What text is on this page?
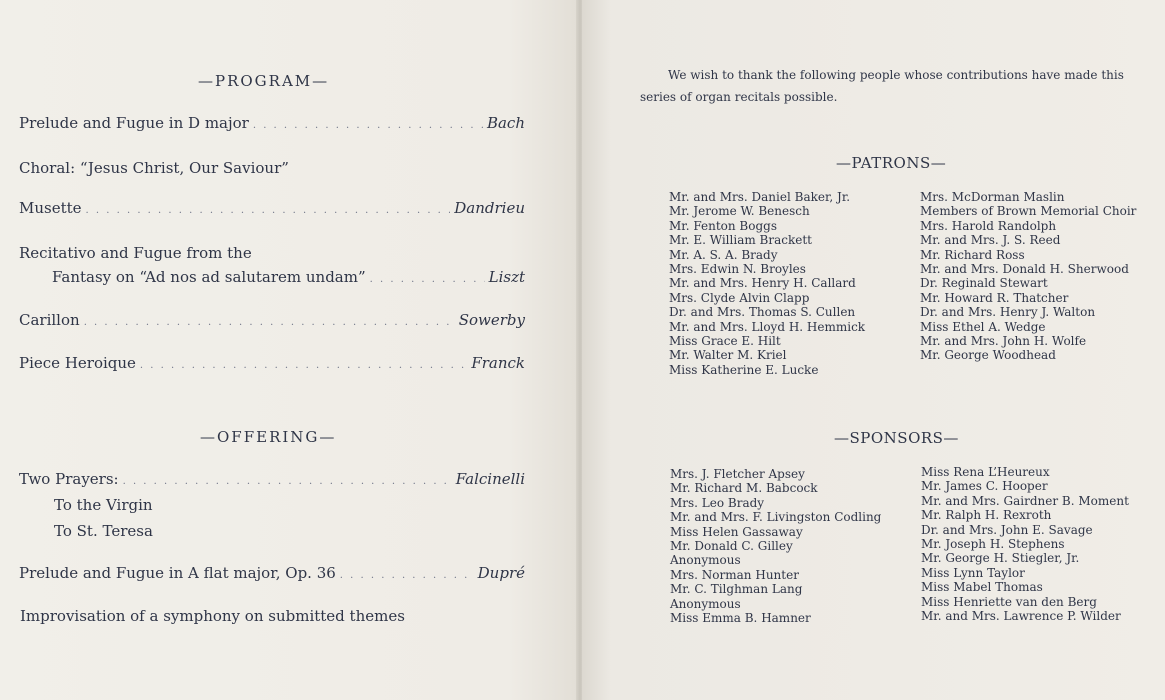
—PROGRAM—
Prelude and Fugue in D major . . .	Bach
Choral: “Jesus Christ, Our Saviour”
Musette . . .	Dandrieu
Recitativo and Fugue from the
Fantasy on “Ad nos ad salutarem undam” . . .	Liszt
Carillon . . .	Sowerby
Piece Heroique . . .	Franck
—OFFERING—
Two Prayers: . . .	Falcinelli
To the Virgin
To St. Teresa
Prelude and Fugue in A flat major, Op. 36 . . .	Dupré
Improvisation of a symphony on submitted themes
We wish to thank the following people whose contributions have made this series of organ recitals possible.
—PATRONS—
Mr. and Mrs. Daniel Baker, Jr.
Mr. Jerome W. Benesch
Mr. Fenton Boggs
Mr. E. William Brackett
Mr. A. S. A. Brady
Mrs. Edwin N. Broyles
Mr. and Mrs. Henry H. Callard
Mrs. Clyde Alvin Clapp
Dr. and Mrs. Thomas S. Cullen
Mr. and Mrs. Lloyd H. Hemmick
Miss Grace E. Hilt
Mr. Walter M. Kriel
Miss Katherine E. Lucke
Mrs. McDorman Maslin
Members of Brown Memorial Choir
Mrs. Harold Randolph
Mr. and Mrs. J. S. Reed
Mr. Richard Ross
Mr. and Mrs. Donald H. Sherwood
Dr. Reginald Stewart
Mr. Howard R. Thatcher
Dr. and Mrs. Henry J. Walton
Miss Ethel A. Wedge
Mr. and Mrs. John H. Wolfe
Mr. George Woodhead
—SPONSORS—
Mrs. J. Fletcher Apsey
Mr. Richard M. Babcock
Mrs. Leo Brady
Mr. and Mrs. F. Livingston Codling
Miss Helen Gassaway
Mr. Donald C. Gilley
Anonymous
Mrs. Norman Hunter
Mr. C. Tilghman Lang
Anonymous
Miss Emma B. Hamner
Miss Rena L’Heureux
Mr. James C. Hooper
Mr. and Mrs. Gairdner B. Moment
Mr. Ralph H. Rexroth
Dr. and Mrs. John E. Savage
Mr. Joseph H. Stephens
Mr. George H. Stiegler, Jr.
Miss Lynn Taylor
Miss Mabel Thomas
Miss Henriette van den Berg
Mr. and Mrs. Lawrence P. Wilder
